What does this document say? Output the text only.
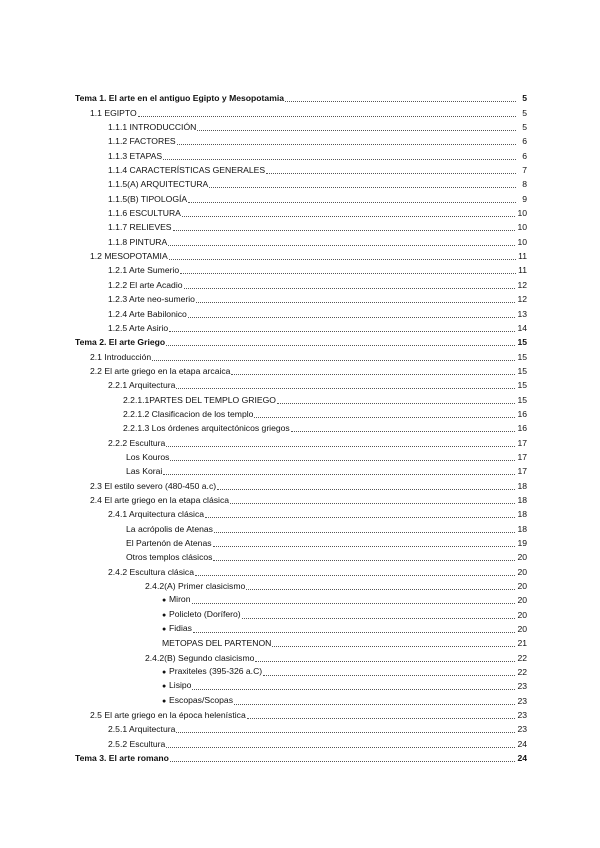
Tema 1. El arte en el antiguo Egipto y Mesopotamia	5
1.1 EGIPTO	5
1.1.1 INTRODUCCIÓN	5
1.1.2 FACTORES	6
1.1.3 ETAPAS	6
1.1.4 CARACTERÍSTICAS GENERALES	7
1.1.5(A) ARQUITECTURA	8
1.1.5(B) TIPOLOGÍA	9
1.1.6 ESCULTURA	10
1.1.7 RELIEVES	10
1.1.8 PINTURA	10
1.2 MESOPOTAMIA	11
1.2.1 Arte Sumerio	11
1.2.2 El arte Acadio	12
1.2.3 Arte neo-sumerio	12
1.2.4 Arte Babilonico	13
1.2.5 Arte Asirio	14
Tema 2. El arte Griego	15
2.1 Introducción	15
2.2 El arte griego en la etapa arcaica	15
2.2.1 Arquitectura	15
2.2.1.1PARTES DEL TEMPLO GRIEGO	15
2.2.1.2 Clasificacion de los templo	16
2.2.1.3 Los órdenes arquitectónicos griegos	16
2.2.2 Escultura	17
Los Kouros	17
Las Korai	17
2.3 El estilo severo (480-450 a.c)	18
2.4 El arte griego en la etapa clásica	18
2.4.1 Arquitectura clásica	18
La acrópolis de Atenas	18
El Partenón de Atenas	19
Otros templos clásicos	20
2.4.2 Escultura clásica	20
2.4.2(A) Primer clasicismo	20
● Miron	20
● Policleto (Dorífero)	20
● Fidias	20
METOPAS DEL PARTENON	21
2.4.2(B) Segundo clasicismo	22
● Praxiteles (395-326 a.C)	22
● Lisipo	23
● Escopas/Scopas	23
2.5 El arte griego en la época helenística	23
2.5.1 Arquitectura	23
2.5.2 Escultura	24
Tema 3. El arte romano	24
